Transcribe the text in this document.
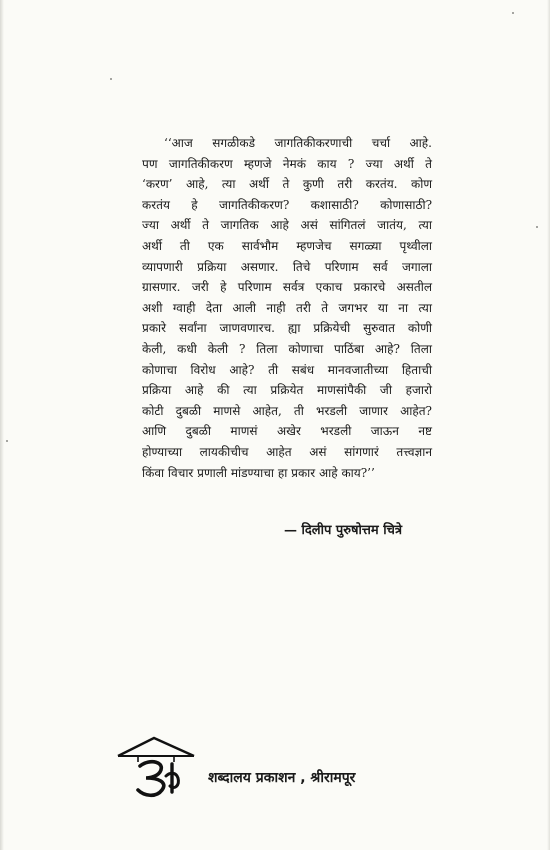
‘‘आज सगळीकडे जागतिकीकरणाची चर्चा आहे.
पण जागतिकीकरण म्हणजे नेमकं काय ? ज्या अर्थी ते
‘करण’ आहे, त्या अर्थी ते कुणी तरी करतंय. कोण
करतंय हे जागतिकीकरण? कशासाठी? कोणासाठी?
ज्या अर्थी ते जागतिक आहे असं सांगितलं जातंय, त्या
अर्थी ती एक सार्वभौम म्हणजेच सगळ्या पृथ्वीला
व्यापणारी प्रक्रिया असणार. तिचे परिणाम सर्व जगाला
ग्रासणार. जरी हे परिणाम सर्वत्र एकाच प्रकारचे असतील
अशी ग्वाही देता आली नाही तरी ते जगभर या ना त्या
प्रकारे सर्वांना जाणवणारच. ह्या प्रक्रियेची सुरुवात कोणी
केली, कधी केली ? तिला कोणाचा पाठिंबा आहे? तिला
कोणाचा विरोध आहे? ती सबंध मानवजातीच्या हिताची
प्रक्रिया आहे की त्या प्रक्रियेत माणसांपैकी जी हजारो
कोटी दुबळी माणसे आहेत, ती भरडली जाणार आहेत?
आणि दुबळी माणसं अखेर भरडली जाऊन नष्ट
होण्याच्या लायकीचीच आहेत असं सांगणारं तत्त्वज्ञान
किंवा विचार प्रणाली मांडण्याचा हा प्रकार आहे काय?’’
— दिलीप पुरुषोत्तम चित्रे
शब्दालय प्रकाशन , श्रीरामपूर
